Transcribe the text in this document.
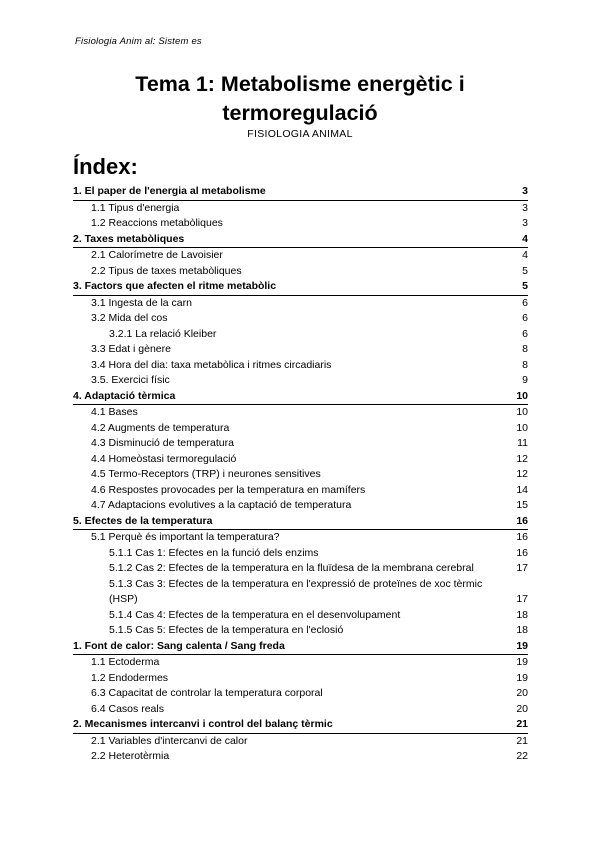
Fisiologia Anim al: Sistem es
Tema 1: Metabolisme energètic i
termoregulació
FISIOLOGIA ANIMAL
Índex:
1. El paper de l'energia al metabolisme	3
1.1 Tipus d'energia	3
1.2 Reaccions metabòliques	3
2. Taxes metabòliques	4
2.1 Calorímetre de Lavoisier	4
2.2 Tipus de taxes metabòliques	5
3. Factors que afecten el ritme metabòlic	5
3.1 Ingesta de la carn	6
3.2 Mida del cos	6
3.2.1 La relació Kleiber	6
3.3 Edat i gènere	8
3.4 Hora del dia: taxa metabòlica i ritmes circadiaris	8
3.5. Exercici físic	9
4. Adaptació tèrmica	10
4.1 Bases	10
4.2 Augments de temperatura	10
4.3 Disminució de temperatura	11
4.4 Homeòstasi termoregulació	12
4.5 Termo-Receptors (TRP) i neurones sensitives	12
4.6 Respostes provocades per la temperatura en mamífers	14
4.7 Adaptacions evolutives a la captació de temperatura	15
5. Efectes de la temperatura	16
5.1 Perquè és important la temperatura?	16
5.1.1 Cas 1: Efectes en la funció dels enzims	16
5.1.2 Cas 2: Efectes de la temperatura en la fluïdesa de la membrana cerebral	17
5.1.3 Cas 3: Efectes de la temperatura en l'expressió de proteïnes de xoc tèrmic (HSP)	17
5.1.4 Cas 4: Efectes de la temperatura en el desenvolupament	18
5.1.5 Cas 5: Efectes de la temperatura en l'eclosió	18
1. Font de calor: Sang calenta / Sang freda	19
1.1 Ectoderma	19
1.2 Endodermes	19
6.3 Capacitat de controlar la temperatura corporal	20
6.4 Casos reals	20
2. Mecanismes intercanvi i control del balanç tèrmic	21
2.1 Variables d'intercanvi de calor	21
2.2 Heterotèrmia	22
